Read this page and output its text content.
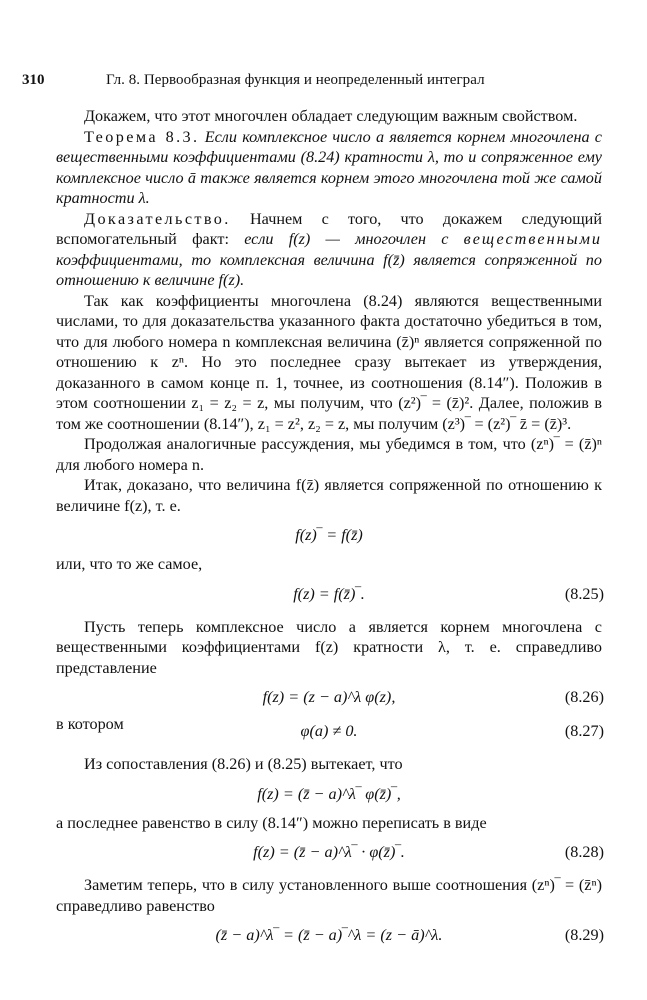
310	Гл. 8. Первообразная функция и неопределенный интеграл

Докажем, что этот многочлен обладает следующим важным свойством.

Теорема 8.3. Если комплексное число a является корнем многочлена с вещественными коэффициентами (8.24) кратности λ, то и сопряженное ему комплексное число ā также является корнем этого многочлена той же самой кратности λ.

Доказательство. Начнем с того, что докажем следующий вспомогательный факт: если f(z) — многочлен с вещественными коэффициентами, то комплексная величина f(z̄) является сопряженной по отношению к величине f(z).

Так как коэффициенты многочлена (8.24) являются вещественными числами, то для доказательства указанного факта достаточно убедиться в том, что для любого номера n комплексная величина (z̄)ⁿ является сопряженной по отношению к zⁿ. Но это последнее сразу вытекает из утверждения, доказанного в самом конце п. 1, точнее, из соотношения (8.14″). Положив в этом соотношении z₁ = z₂ = z, мы получим, что (z²)‾ = (z̄)². Далее, положив в том же соотношении (8.14″), z₁ = z², z₂ = z, мы получим (z³)‾ = (z²)‾ z̄ = (z̄)³.

Продолжая аналогичные рассуждения, мы убедимся в том, что (zⁿ)‾ = (z̄)ⁿ для любого номера n.

Итак, доказано, что величина f(z̄) является сопряженной по отношению к величине f(z), т. е.

f(z)‾ = f(z̄)

или, что то же самое,

f(z) = f(z̄)‾.	(8.25)

Пусть теперь комплексное число a является корнем многочлена с вещественными коэффициентами f(z) кратности λ, т. е. справедливо представление

f(z) = (z − a)^λ φ(z),	(8.26)
в котором	φ(a) ≠ 0.	(8.27)

Из сопоставления (8.26) и (8.25) вытекает, что

f(z) = (z̄ − a)^λ‾ φ(z̄)‾,

а последнее равенство в силу (8.14″) можно переписать в виде

f(z) = (z̄ − a)^λ‾ · φ(z̄)‾.	(8.28)

Заметим теперь, что в силу установленного выше соотношения (zⁿ)‾ = (z̄ⁿ) справедливо равенство

(z̄ − a)^λ‾ = (z̄ − a)‾^λ = (z − ā)^λ.	(8.29)
